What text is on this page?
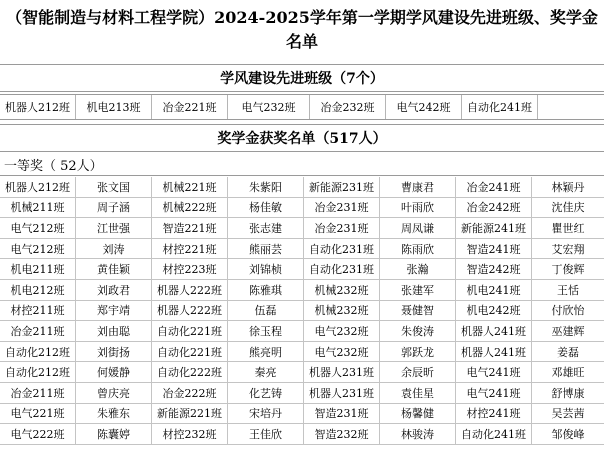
（智能制造与材料工程学院）2024-2025学年第一学期学风建设先进班级、奖学金名单
学风建设先进班级（7个）
机器人212班	机电213班	冶金221班	电气232班	冶金232班	电气242班	自动化241班
奖学金获奖名单（517人）
一等奖（ 52人）
机器人212班	张文国	机械221班	朱紫阳	新能源231班	曹康君	冶金241班	林颖丹
机械211班	周子涵	机械222班	杨佳敏	冶金231班	叶雨欣	冶金242班	沈佳庆
电气212班	江世强	智造221班	张志建	冶金231班	周凤谦	新能源241班	瞿世红
电气212班	刘涛	材控221班	熊丽芸	自动化231班	陈雨欣	智造241班	艾宏翔
机电211班	黄佳颖	材控223班	刘锦桢	自动化231班	张瀚	智造242班	丁俊辉
机电212班	刘政君	机器人222班	陈雅琪	机械232班	张建军	机电241班	王恬
材控211班	郑宇靖	机器人222班	伍磊	机械232班	聂健智	机电242班	付欣怡
冶金211班	刘由聪	自动化221班	徐玉程	电气232班	朱俊涛	机器人241班	巫建辉
自动化212班	刘街扬	自动化221班	熊亮明	电气232班	郭跃龙	机器人241班	姜磊
自动化212班	何媛静	自动化222班	秦亮	机器人231班	余辰昕	电气241班	邓雄旺
冶金211班	曾庆亮	冶金222班	化艺铸	机器人231班	袁佳星	电气241班	舒博康
电气221班	朱雅东	新能源221班	宋培丹	智造231班	杨馨健	材控241班	吴芸茜
电气222班	陈囊婷	材控232班	王佳欣	智造232班	林骏涛	自动化241班	邹俊峰
